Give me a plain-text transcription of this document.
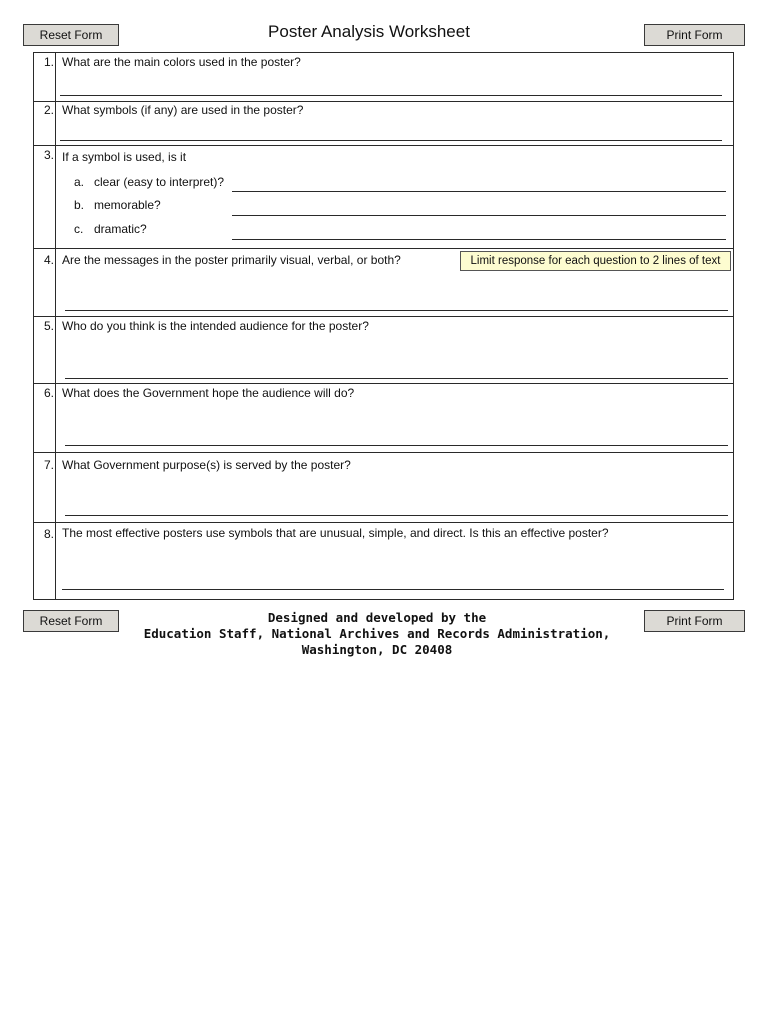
Reset Form	Poster Analysis Worksheet	Print Form
1. What are the main colors used in the poster?
2. What symbols (if any) are used in the poster?
3. If a symbol is used, is it
a. clear (easy to interpret)?
b. memorable?
c. dramatic?
4. Are the messages in the poster primarily visual, verbal, or both?	Limit response for each question to 2 lines of text
5. Who do you think is the intended audience for the poster?
6. What does the Government hope the audience will do?
7. What Government purpose(s) is served by the poster?
8. The most effective posters use symbols that are unusual, simple, and direct. Is this an effective poster?
Reset Form	Print Form
Designed and developed by the
Education Staff, National Archives and Records Administration,
Washington, DC 20408
